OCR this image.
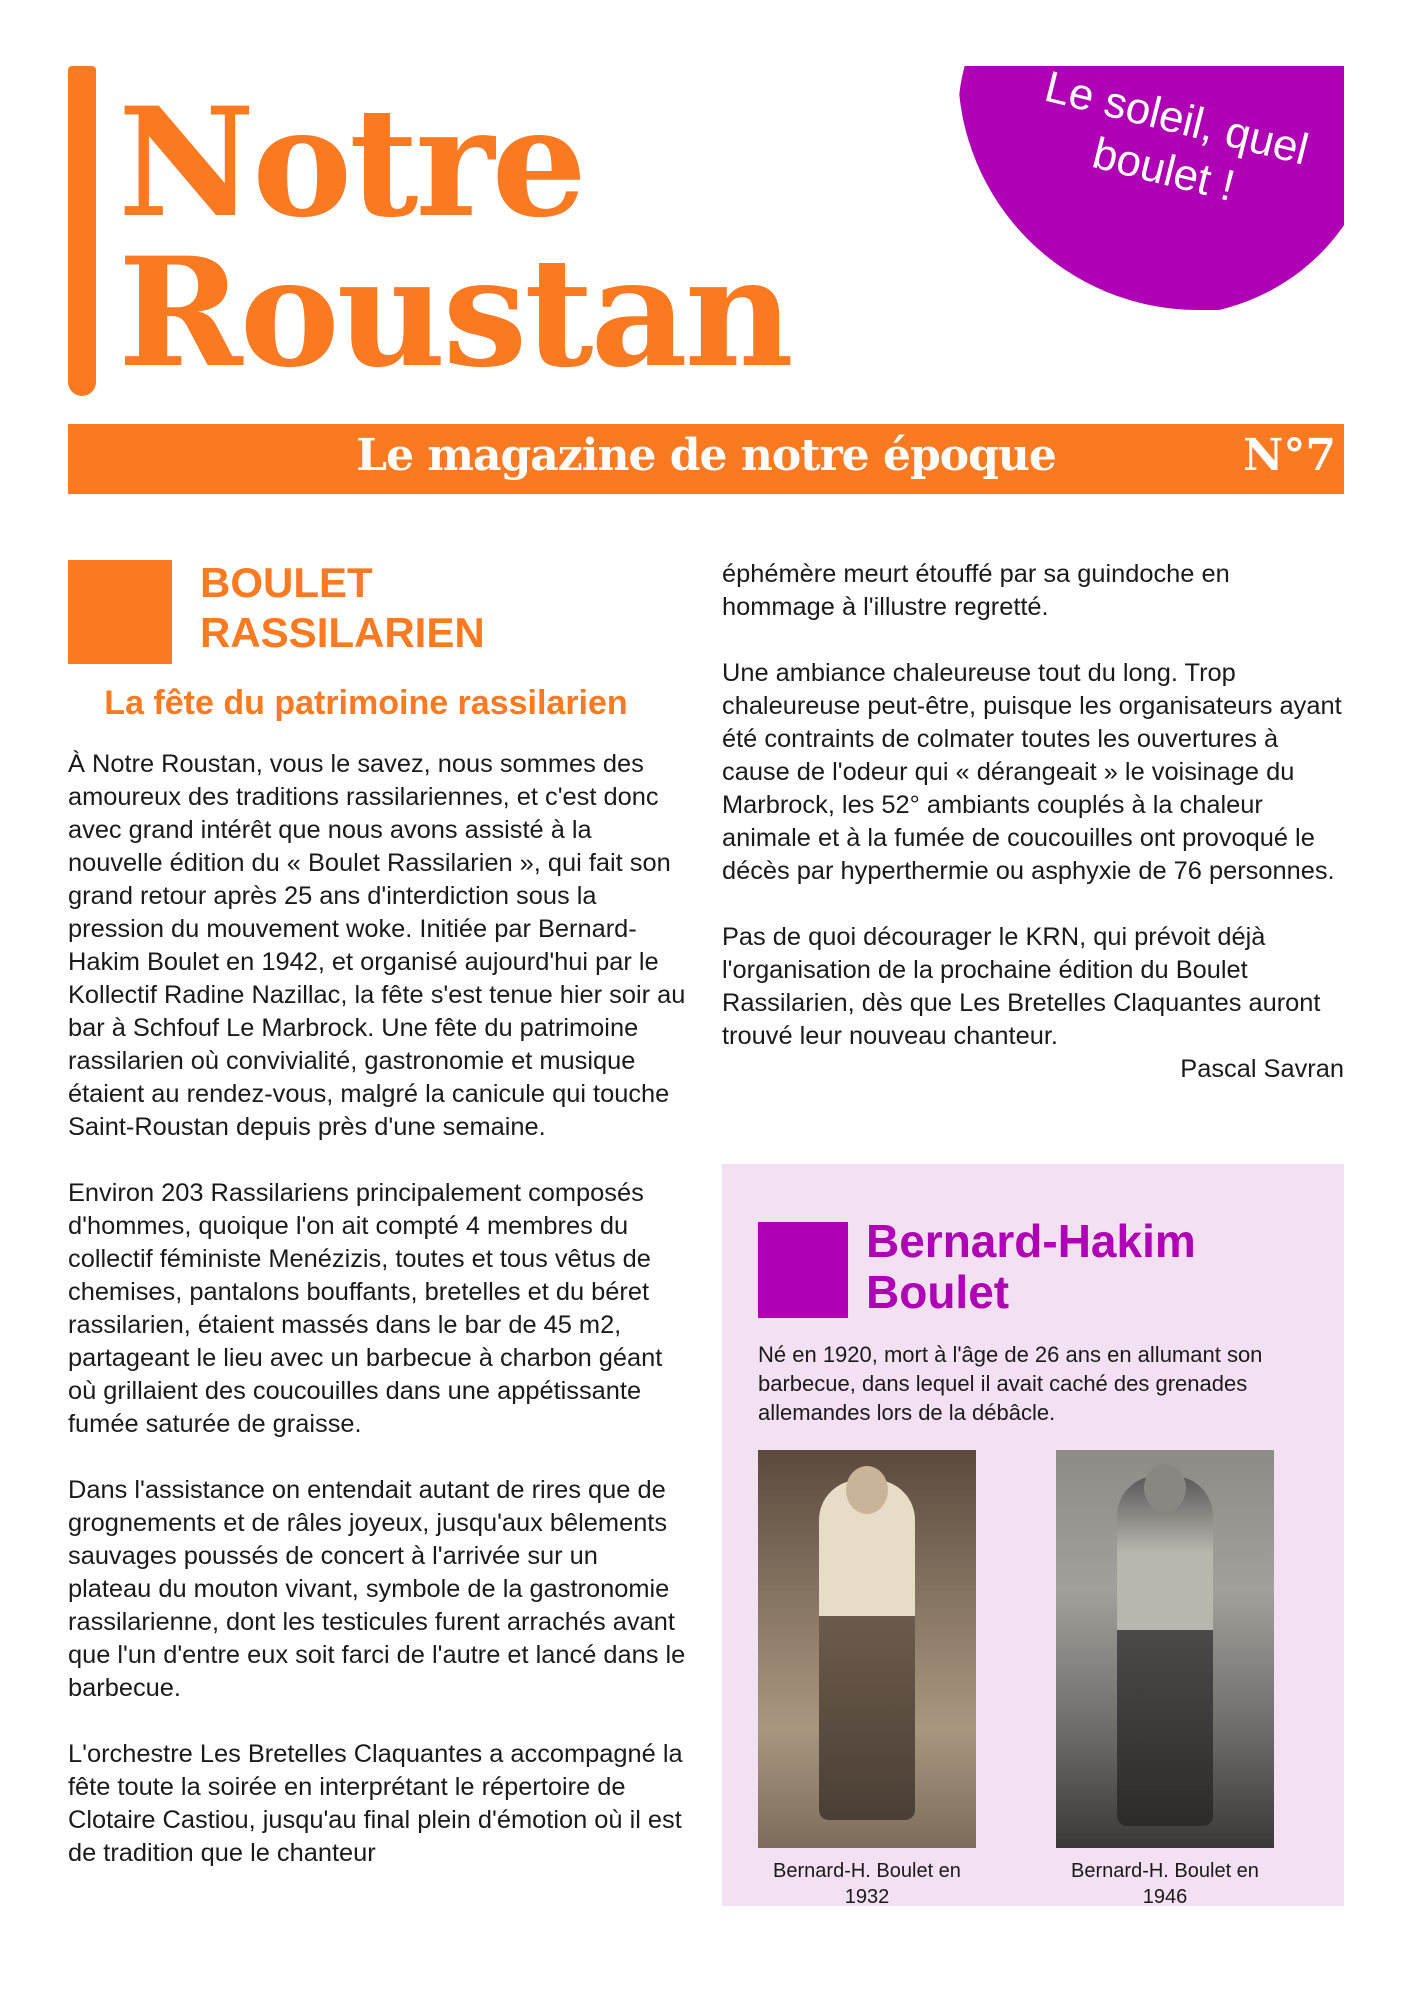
Notre
Roustan
Le soleil, quel boulet !
Le magazine de notre époque	N°7
BOULET RASSILARIEN
La fête du patrimoine rassilarien

À Notre Roustan, vous le savez, nous sommes des amoureux des traditions rassilariennes, et c'est donc avec grand intérêt que nous avons assisté à la nouvelle édition du « Boulet Rassilarien », qui fait son grand retour après 25 ans d'interdiction sous la pression du mouvement woke. Initiée par Bernard-Hakim Boulet en 1942, et organisé aujourd'hui par le Kollectif Radine Nazillac, la fête s'est tenue hier soir au bar à Schfouf Le Marbrock. Une fête du patrimoine rassilarien où convivialité, gastronomie et musique étaient au rendez-vous, malgré la canicule qui touche Saint-Roustan depuis près d'une semaine.

Environ 203 Rassilariens principalement composés d'hommes, quoique l'on ait compté 4 membres du collectif féministe Menézizis, toutes et tous vêtus de chemises, pantalons bouffants, bretelles et du béret rassilarien, étaient massés dans le bar de 45 m2, partageant le lieu avec un barbecue à charbon géant où grillaient des coucouilles dans une appétissante fumée saturée de graisse.

Dans l'assistance on entendait autant de rires que de grognements et de râles joyeux, jusqu'aux bêlements sauvages poussés de concert à l'arrivée sur un plateau du mouton vivant, symbole de la gastronomie rassilarienne, dont les testicules furent arrachés avant que l'un d'entre eux soit farci de l'autre et lancé dans le barbecue.

L'orchestre Les Bretelles Claquantes a accompagné la fête toute la soirée en interprétant le répertoire de Clotaire Castiou, jusqu'au final plein d'émotion où il est de tradition que le chanteur

éphémère meurt étouffé par sa guindoche en hommage à l'illustre regretté.

Une ambiance chaleureuse tout du long. Trop chaleureuse peut-être, puisque les organisateurs ayant été contraints de colmater toutes les ouvertures à cause de l'odeur qui « dérangeait » le voisinage du Marbrock, les 52° ambiants couplés à la chaleur animale et à la fumée de coucouilles ont provoqué le décès par hyperthermie ou asphyxie de 76 personnes.

Pas de quoi décourager le KRN, qui prévoit déjà l'organisation de la prochaine édition du Boulet Rassilarien, dès que Les Bretelles Claquantes auront trouvé leur nouveau chanteur.

Pascal Savran
Bernard-Hakim Boulet
Né en 1920, mort à l'âge de 26 ans en allumant son barbecue, dans lequel il avait caché des grenades allemandes lors de la débâcle.
Bernard-H. Boulet en 1932
Bernard-H. Boulet en 1946
